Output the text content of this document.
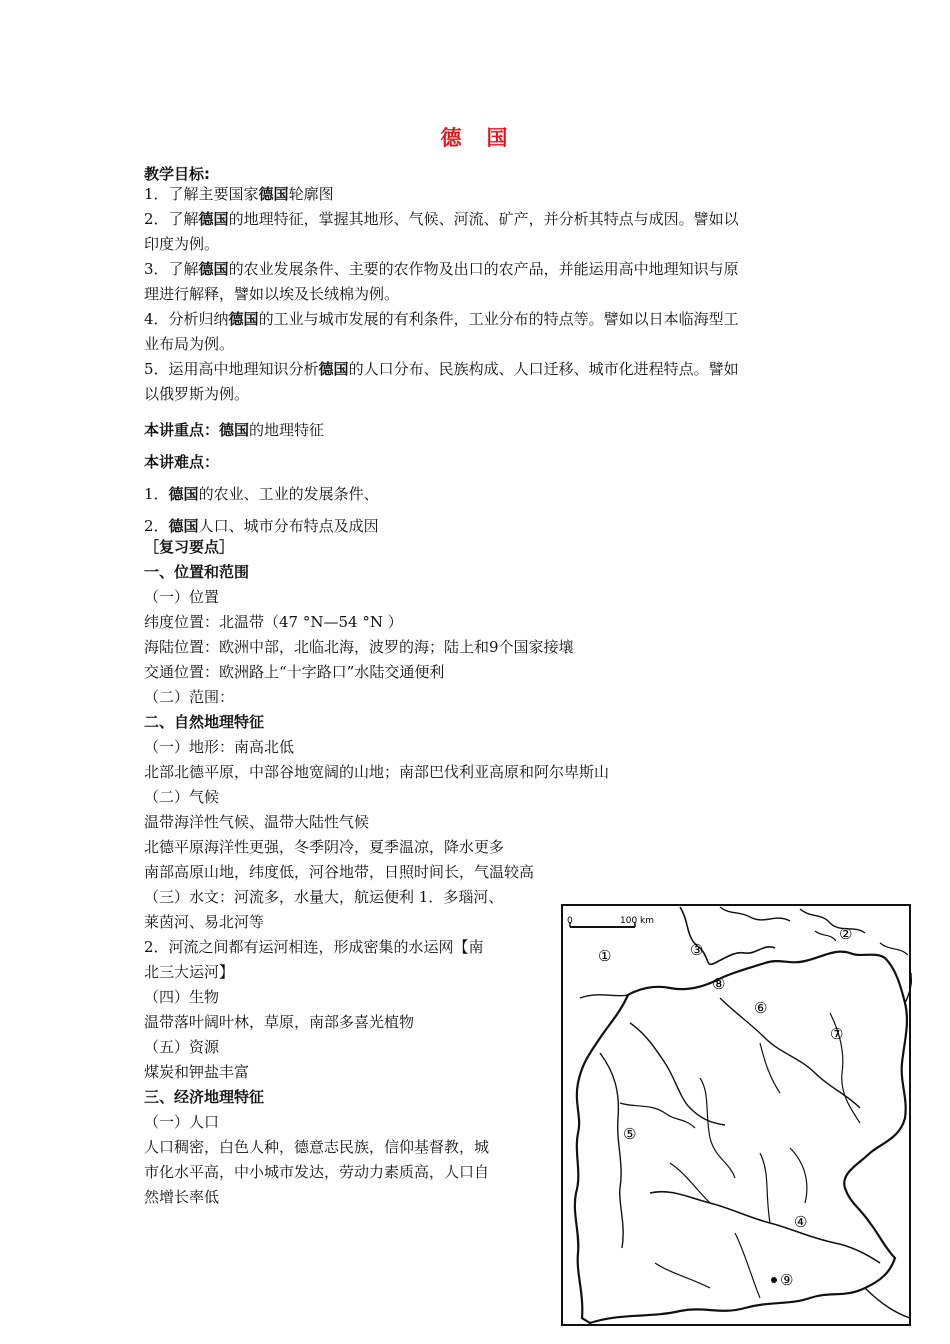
德　国
教学目标:
1．了解主要国家德国轮廓图
2．了解德国的地理特征，掌握其地形、气候、河流、矿产，并分析其特点与成因。譬如以
印度为例。
3．了解德国的农业发展条件、主要的农作物及出口的农产品，并能运用高中地理知识与原
理进行解释，譬如以埃及长绒棉为例。
4．分析归纳德国的工业与城市发展的有利条件，工业分布的特点等。譬如以日本临海型工
业布局为例。
5．运用高中地理知识分析德国的人口分布、民族构成、人口迁移、城市化进程特点。譬如
以俄罗斯为例。
本讲重点：德国的地理特征
本讲难点：
1．德国的农业、工业的发展条件、
2．德国人口、城市分布特点及成因
［复习要点］
一、位置和范围
（一）位置
纬度位置：北温带（47 °N—54 °N ）
海陆位置：欧洲中部，北临北海，波罗的海；陆上和9个国家接壤
交通位置：欧洲路上“十字路口”水陆交通便利
（二）范围：
二、自然地理特征
（一）地形：南高北低
北部北德平原，中部谷地宽阔的山地；南部巴伐利亚高原和阿尔卑斯山
（二）气候
温带海洋性气候、温带大陆性气候
北德平原海洋性更强，冬季阴冷，夏季温凉，降水更多
南部高原山地，纬度低，河谷地带，日照时间长，气温较高
（三）水文：河流多，水量大，航运便利 1．多瑙河、
莱茵河、易北河等
2．河流之间都有运河相连，形成密集的水运网【南
北三大运河】
（四）生物
温带落叶阔叶林，草原，南部多喜光植物
（五）资源
煤炭和钾盐丰富
三、经济地理特征
（一）人口
人口稠密，白色人种，德意志民族，信仰基督教，城
市化水平高，中小城市发达，劳动力素质高，人口自
然增长率低
0	100 km
①
②
③
④
⑤
⑥
⑦
⑧
⑨
